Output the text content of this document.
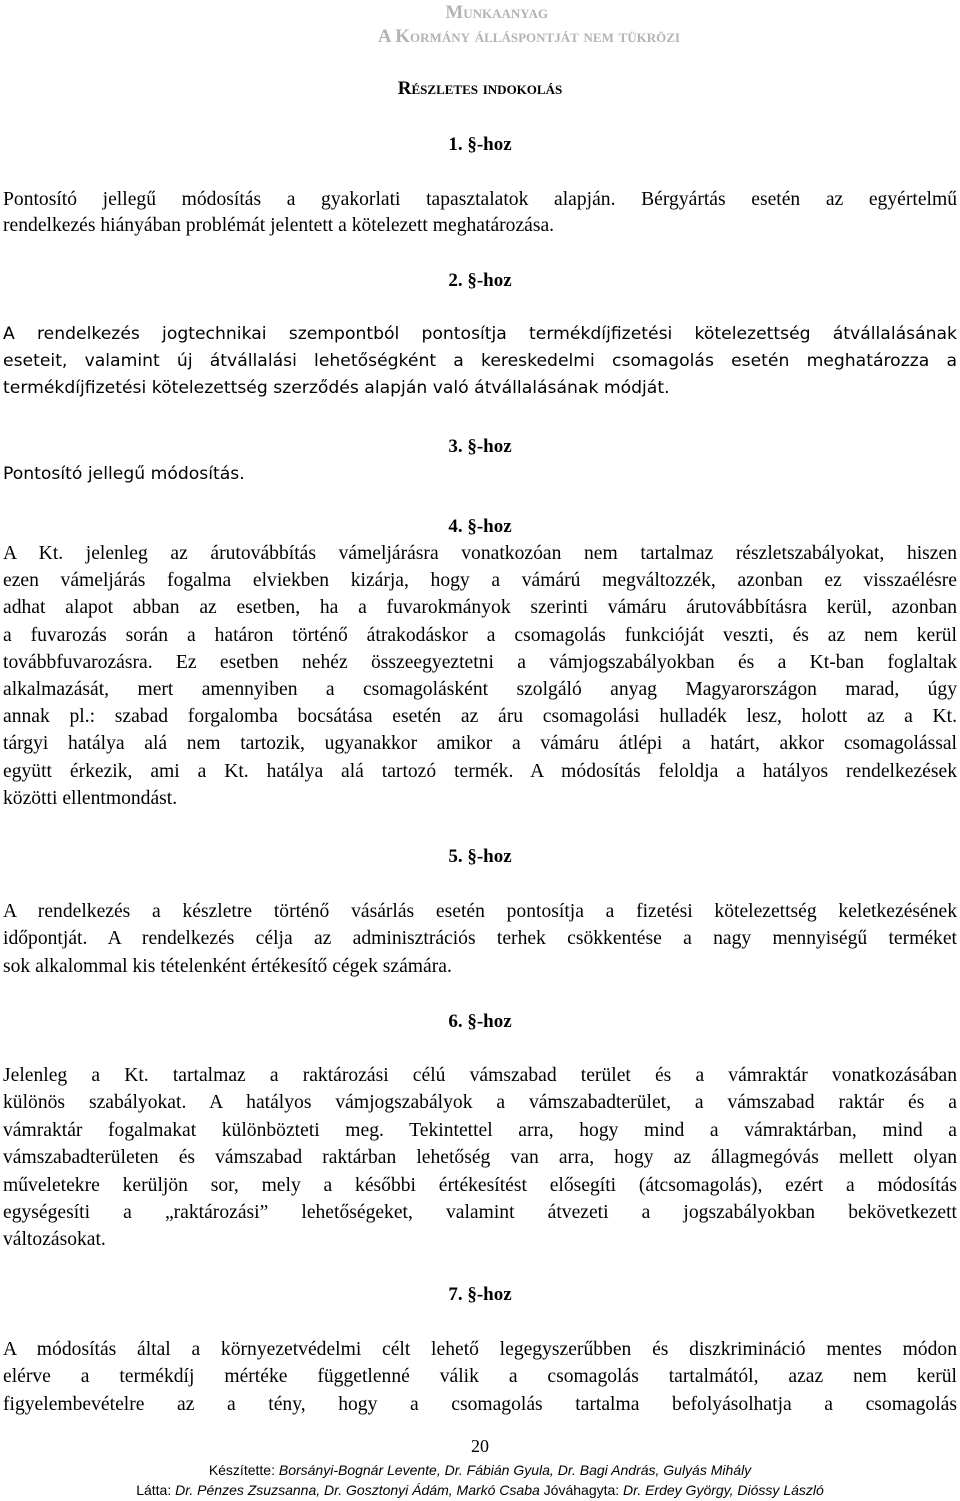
Munkaanyag
A Kormány álláspontját nem tükrözi
Részletes indokolás
1. §-hoz
Pontosító jellegű módosítás a gyakorlati tapasztalatok alapján. Bérgyártás esetén az egyértelmű
rendelkezés hiányában problémát jelentett a kötelezett meghatározása.
2. §-hoz
A rendelkezés jogtechnikai szempontból pontosítja termékdíjfizetési kötelezettség átvállalásának
eseteit, valamint új átvállalási lehetőségként a kereskedelmi csomagolás esetén meghatározza a
termékdíjfizetési kötelezettség szerződés alapján való átvállalásának módját.
3. §-hoz
Pontosító jellegű módosítás.
4. §-hoz
A Kt. jelenleg az árutovábbítás vámeljárásra vonatkozóan nem tartalmaz részletszabályokat, hiszen
ezen vámeljárás fogalma elviekben kizárja, hogy a vámárú megváltozzék, azonban ez visszaélésre
adhat alapot abban az esetben, ha a fuvarokmányok szerinti vámáru árutovábbításra kerül, azonban
a fuvarozás során a határon történő átrakodáskor a csomagolás funkcióját veszti, és az nem kerül
továbbfuvarozásra. Ez esetben nehéz összeegyeztetni a vámjogszabályokban és a Kt-ban foglaltak
alkalmazását, mert amennyiben a csomagolásként szolgáló anyag Magyarországon marad, úgy
annak pl.: szabad forgalomba bocsátása esetén az áru csomagolási hulladék lesz, holott az a Kt.
tárgyi hatálya alá nem tartozik, ugyanakkor amikor a vámáru átlépi a határt, akkor csomagolással
együtt érkezik, ami a Kt. hatálya alá tartozó termék. A módosítás feloldja a hatályos rendelkezések
közötti ellentmondást.
5. §-hoz
A rendelkezés a készletre történő vásárlás esetén pontosítja a fizetési kötelezettség keletkezésének
időpontját. A rendelkezés célja az adminisztrációs terhek csökkentése a nagy mennyiségű terméket
sok alkalommal kis tételenként értékesítő cégek számára.
6. §-hoz
Jelenleg a Kt. tartalmaz a raktározási célú vámszabad terület és a vámraktár vonatkozásában
különös szabályokat. A hatályos vámjogszabályok a vámszabadterület, a vámszabad raktár és a
vámraktár fogalmakat különbözteti meg. Tekintettel arra, hogy mind a vámraktárban, mind a
vámszabadterületen és vámszabad raktárban lehetőség van arra, hogy az állagmegóvás mellett olyan
műveletekre kerüljön sor, mely a későbbi értékesítést elősegíti (átcsomagolás), ezért a módosítás
egységesíti a „raktározási” lehetőségeket, valamint átvezeti a jogszabályokban bekövetkezett
változásokat.
7. §-hoz
A módosítás által a környezetvédelmi célt lehető legegyszerűbben és diszkrimináció mentes módon
elérve a termékdíj mértéke függetlenné válik a csomagolás tartalmától, azaz nem kerül
figyelembevételre az a tény, hogy a csomagolás tartalma befolyásolhatja a csomagolás
20
Készítette: Borsányi-Bognár Levente, Dr. Fábián Gyula, Dr. Bagi András, Gulyás Mihály
Látta: Dr. Pénzes Zsuzsanna, Dr. Gosztonyi Ádám, Markó Csaba Jóváhagyta: Dr. Erdey György, Dióssy László
